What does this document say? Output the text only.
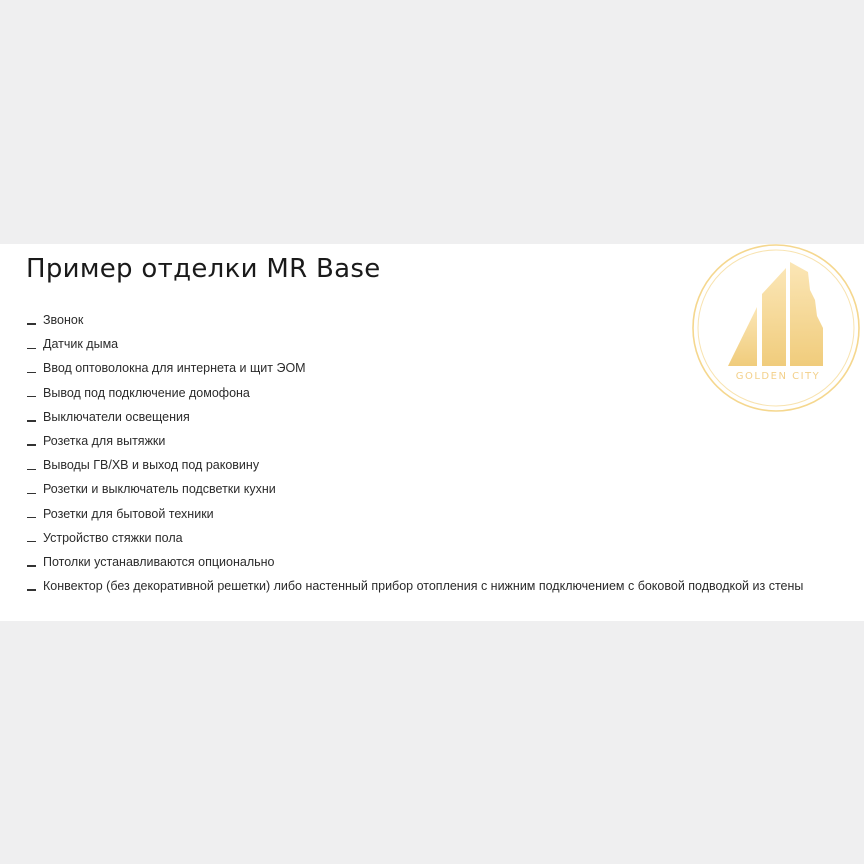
Пример отделки MR Base
Звонок
Датчик дыма
Ввод оптоволокна для интернета и щит ЭОМ
Вывод под подключение домофона
Выключатели освещения
Розетка для вытяжки
Выводы ГВ/ХВ и выход под раковину
Розетки и выключатель подсветки кухни
Розетки для бытовой техники
Устройство стяжки пола
Потолки устанавливаются опционально
Конвектор (без декоративной решетки) либо настенный прибор отопления с нижним подключением с боковой подводкой из стены
GOLDEN CITY
